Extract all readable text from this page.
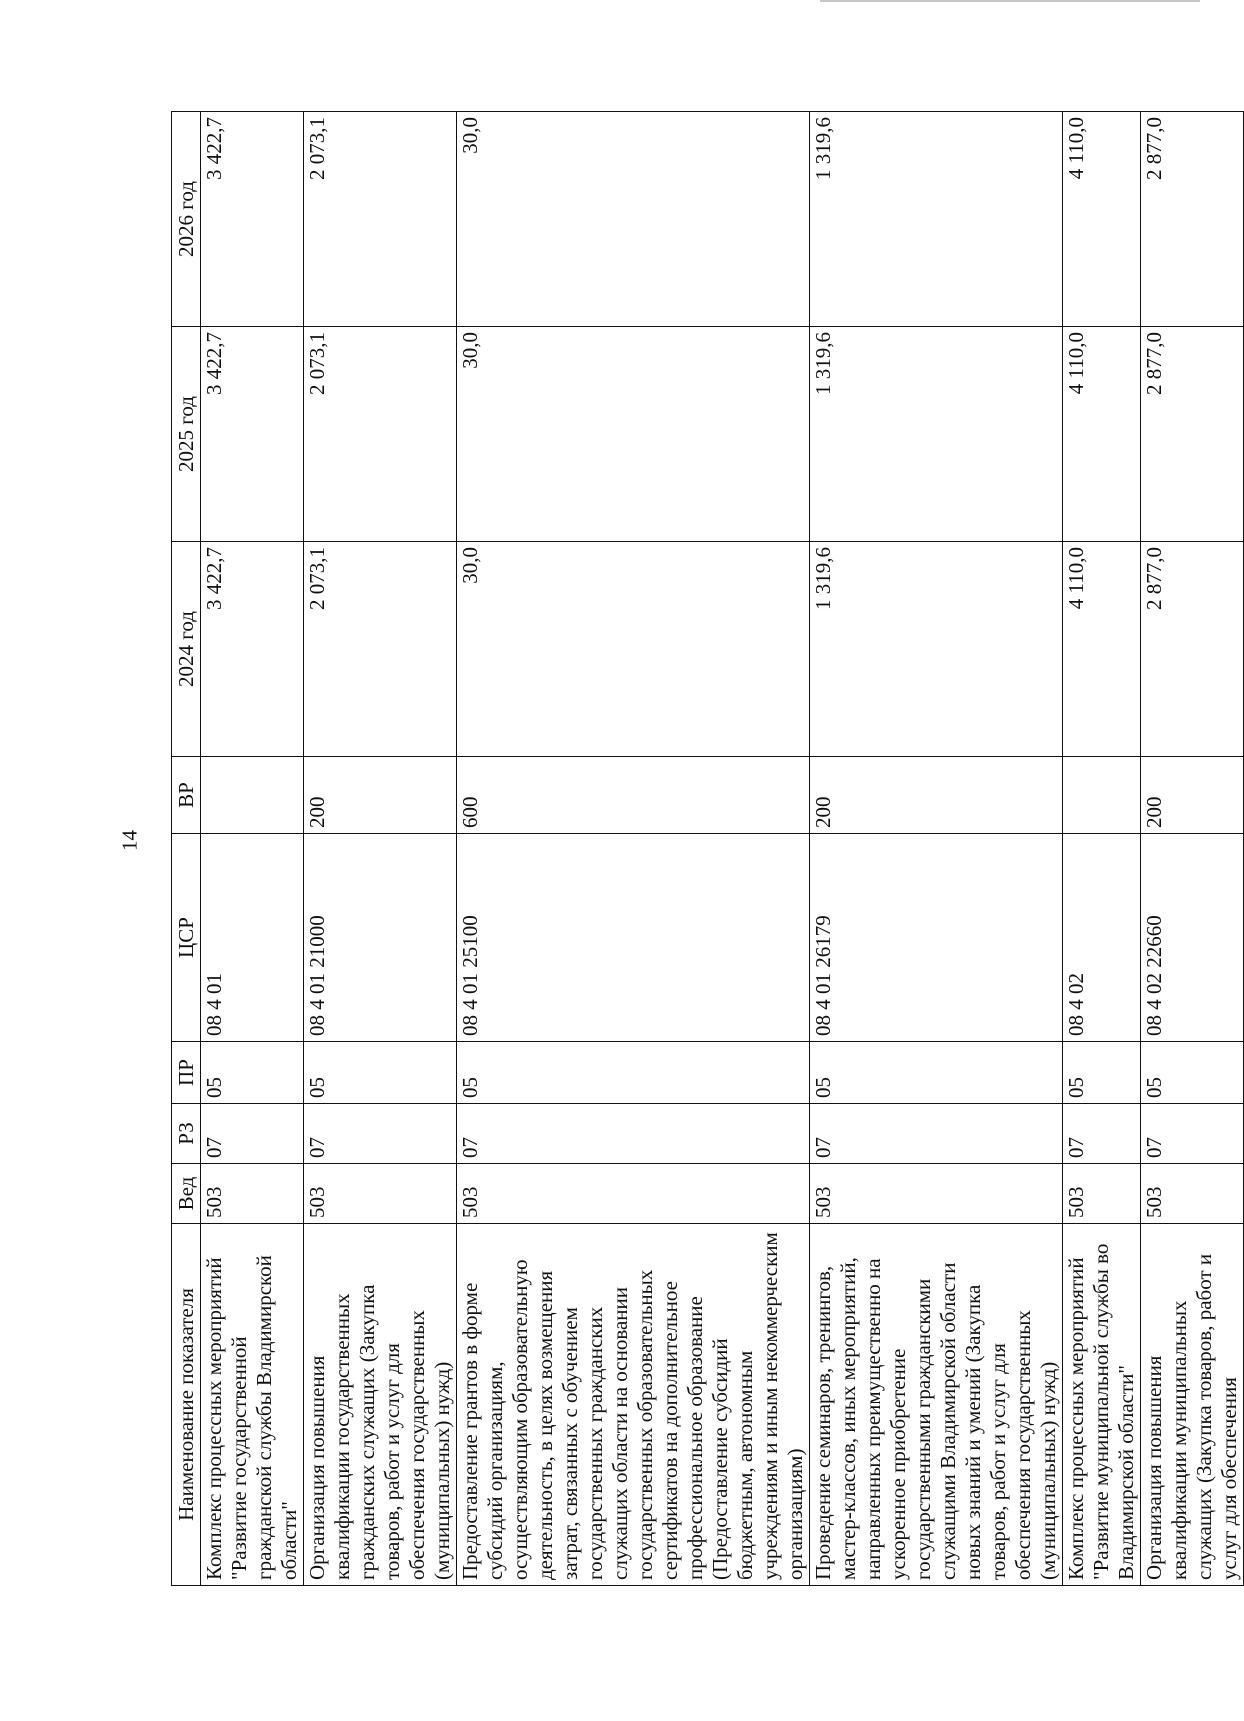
14
Наименование показателя	Вед	РЗ	ПР	ЦСР	ВР	2024 год	2025 год	2026 год
Комплекс процессных мероприятий "Развитие государственной гражданской службы Владимирской области"	503	07	05	08 4 01		3 422,7	3 422,7	3 422,7
Организация повышения квалификации государственных гражданских служащих (Закупка товаров, работ и услуг для обеспечения государственных (муниципальных) нужд)	503	07	05	08 4 01 21000	200	2 073,1	2 073,1	2 073,1
Предоставление грантов в форме субсидий организациям, осуществляющим образовательную деятельность, в целях возмещения затрат, связанных с обучением государственных гражданских служащих области на основании государственных образовательных сертификатов на дополнительное профессиональное образование (Предоставление субсидий бюджетным, автономным учреждениям и иным некоммерческим организациям)	503	07	05	08 4 01 25100	600	30,0	30,0	30,0
Проведение семинаров, тренингов, мастер-классов, иных мероприятий, направленных преимущественно на ускоренное приобретение государственными гражданскими служащими Владимирской области новых знаний и умений (Закупка товаров, работ и услуг для обеспечения государственных (муниципальных) нужд)	503	07	05	08 4 01 26179	200	1 319,6	1 319,6	1 319,6
Комплекс процессных мероприятий "Развитие муниципальной службы во Владимирской области"	503	07	05	08 4 02		4 110,0	4 110,0	4 110,0
Организация повышения квалификации муниципальных служащих (Закупка товаров, работ и услуг для обеспечения	503	07	05	08 4 02 22660	200	2 877,0	2 877,0	2 877,0
